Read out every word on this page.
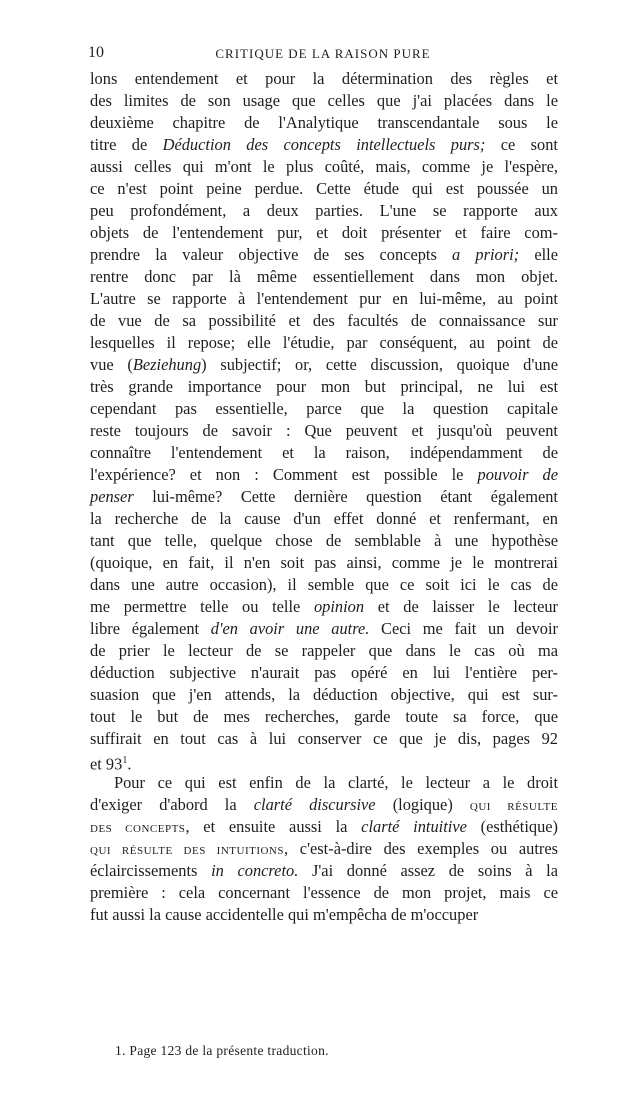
10	CRITIQUE DE LA RAISON PURE
lons entendement et pour la détermination des règles et
des limites de son usage que celles que j'ai placées dans le
deuxième chapitre de l'Analytique transcendantale sous le
titre de Déduction des concepts intellectuels purs; ce sont
aussi celles qui m'ont le plus coûté, mais, comme je l'espère,
ce n'est point peine perdue. Cette étude qui est poussée un
peu profondément, a deux parties. L'une se rapporte aux
objets de l'entendement pur, et doit présenter et faire com-
prendre la valeur objective de ses concepts a priori; elle
rentre donc par là même essentiellement dans mon objet.
L'autre se rapporte à l'entendement pur en lui-même, au point
de vue de sa possibilité et des facultés de connaissance sur
lesquelles il repose; elle l'étudie, par conséquent, au point de
vue (Beziehung) subjectif; or, cette discussion, quoique d'une
très grande importance pour mon but principal, ne lui est
cependant pas essentielle, parce que la question capitale
reste toujours de savoir : Que peuvent et jusqu'où peuvent
connaître l'entendement et la raison, indépendamment de
l'expérience? et non : Comment est possible le pouvoir de
penser lui-même? Cette dernière question étant également
la recherche de la cause d'un effet donné et renfermant, en
tant que telle, quelque chose de semblable à une hypothèse
(quoique, en fait, il n'en soit pas ainsi, comme je le montrerai
dans une autre occasion), il semble que ce soit ici le cas de
me permettre telle ou telle opinion et de laisser le lecteur
libre également d'en avoir une autre. Ceci me fait un devoir
de prier le lecteur de se rappeler que dans le cas où ma
déduction subjective n'aurait pas opéré en lui l'entière per-
suasion que j'en attends, la déduction objective, qui est sur-
tout le but de mes recherches, garde toute sa force, que
suffirait en tout cas à lui conserver ce que je dis, pages 92
et $93^1$.
Pour ce qui est enfin de la clarté, le lecteur a le droit
d'exiger d'abord la clarté discursive (logique) QUI RÉSULTE
DES CONCEPTS, et ensuite aussi la clarté intuitive (esthétique)
QUI RÉSULTE DES INTUITIONS, c'est-à-dire des exemples ou autres
éclaircissements in concreto. J'ai donné assez de soins à la
première : cela concernant l'essence de mon projet, mais ce
fut aussi la cause accidentelle qui m'empêcha de m'occuper
1. Page 123 de la présente traduction.
